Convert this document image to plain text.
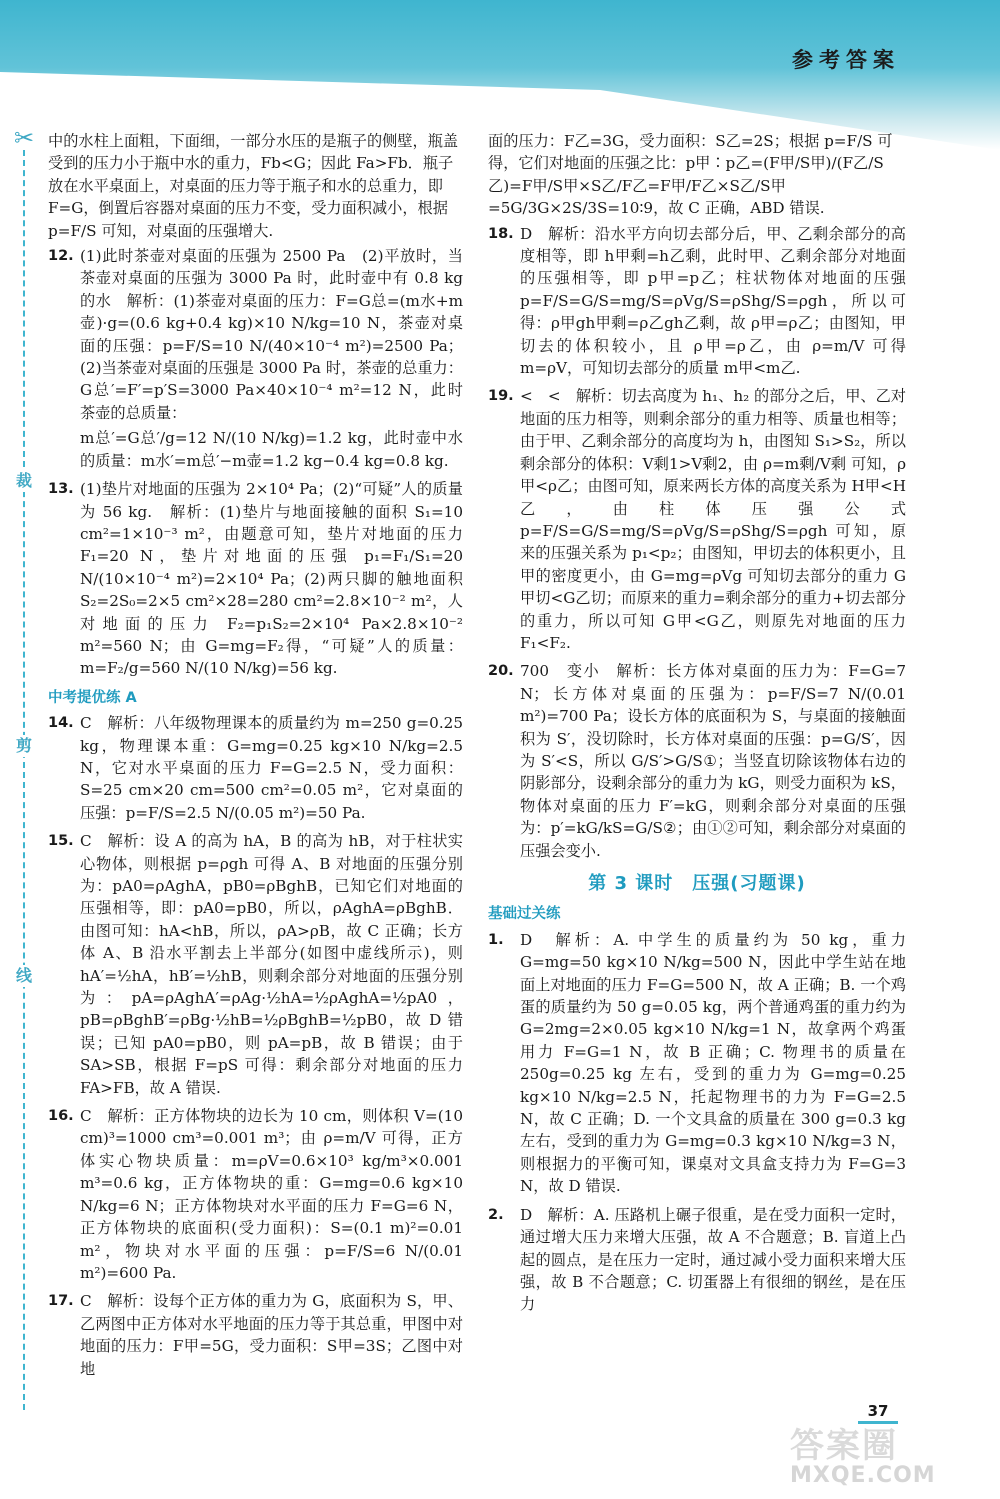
参考答案
✂
裁
剪
线
中的水柱上面粗，下面细，一部分水压的是瓶子的侧壁，瓶盖受到的压力小于瓶中水的重力，Fb<G；因此 Fa>Fb．瓶子放在水平桌面上，对桌面的压力等于瓶子和水的总重力，即 F=G，倒置后容器对桌面的压力不变，受力面积减小，根据 p=F/S 可知，对桌面的压强增大.
12. (1)此时茶壶对桌面的压强为 2500 Pa　(2)平放时，当茶壶对桌面的压强为 3000 Pa 时，此时壶中有 0.8 kg 的水　解析：(1)茶壶对桌面的压力：F=G总=(m水+m壶)·g=(0.6 kg+0.4 kg)×10 N/kg=10 N，茶壶对桌面的压强：p=F/S=10 N/(40×10⁻⁴ m²)=2500 Pa；(2)当茶壶对桌面的压强是 3000 Pa 时，茶壶的总重力：G总′=F′=p′S=3000 Pa×40×10⁻⁴ m²=12 N，此时茶壶的总质量：
m总′=G总′/g=12 N/(10 N/kg)=1.2 kg，此时壶中水的质量：m水′=m总′−m壶=1.2 kg−0.4 kg=0.8 kg.
13. (1)垫片对地面的压强为 2×10⁴ Pa；(2)“可疑”人的质量为 56 kg.　解析：(1)垫片与地面接触的面积 S₁=10 cm²=1×10⁻³ m²，由题意可知，垫片对地面的压力 F₁=20 N，垫片对地面的压强 p₁=F₁/S₁=20 N/(10×10⁻⁴ m²)=2×10⁴ Pa；(2)两只脚的触地面积 S₂=2S₀=2×5 cm²×28=280 cm²=2.8×10⁻² m²，人对地面的压力 F₂=p₁S₂=2×10⁴ Pa×2.8×10⁻² m²=560 N；由 G=mg=F₂得，“可疑”人的质量：m=F₂/g=560 N/(10 N/kg)=56 kg.
中考提优练 A
14. C　解析：八年级物理课本的质量约为 m=250 g=0.25 kg，物理课本重：G=mg=0.25 kg×10 N/kg=2.5 N，它对水平桌面的压力 F=G=2.5 N，受力面积：S=25 cm×20 cm=500 cm²=0.05 m²，它对桌面的压强：p=F/S=2.5 N/(0.05 m²)=50 Pa.
15. C　解析：设 A 的高为 hA，B 的高为 hB，对于柱状实心物体，则根据 p=ρgh 可得 A、B 对地面的压强分别为：pA0=ρAghA，pB0=ρBghB，已知它们对地面的压强相等，即：pA0=pB0，所以，ρAghA=ρBghB．由图可知：hA<hB，所以，ρA>ρB，故 C 正确；长方体 A、B 沿水平割去上半部分(如图中虚线所示)，则 hA′=½hA，hB′=½hB，则剩余部分对地面的压强分别为：pA=ρAghA′=ρAg·½hA=½ρAghA=½pA0，pB=ρBghB′=ρBg·½hB=½ρBghB=½pB0，故 D 错误；已知 pA0=pB0，则 pA=pB，故 B 错误；由于 SA>SB，根据 F=pS 可得：剩余部分对地面的压力 FA>FB，故 A 错误.
16. C　解析：正方体物块的边长为 10 cm，则体积 V=(10 cm)³=1000 cm³=0.001 m³；由 ρ=m/V 可得，正方体实心物块质量：m=ρV=0.6×10³ kg/m³×0.001 m³=0.6 kg，正方体物块的重：G=mg=0.6 kg×10 N/kg=6 N；正方体物块对水平面的压力 F=G=6 N，正方体物块的底面积(受力面积)：S=(0.1 m)²=0.01 m²，物块对水平面的压强：p=F/S=6 N/(0.01 m²)=600 Pa.
17. C　解析：设每个正方体的重力为 G，底面积为 S，甲、乙两图中正方体对水平地面的压力等于其总重，甲图中对地面的压力：F甲=5G，受力面积：S甲=3S；乙图中对地
面的压力：F乙=3G，受力面积：S乙=2S；根据 p=F/S 可得，它们对地面的压强之比：p甲∶p乙=(F甲/S甲)/(F乙/S乙)=F甲/S甲×S乙/F乙=F甲/F乙×S乙/S甲=5G/3G×2S/3S=10∶9，故 C 正确，ABD 错误.
18. D　解析：沿水平方向切去部分后，甲、乙剩余部分的高度相等，即 h甲剩=h乙剩，此时甲、乙剩余部分对地面的压强相等，即 p甲=p乙；柱状物体对地面的压强 p=F/S=G/S=mg/S=ρVg/S=ρShg/S=ρgh，所以可得：ρ甲gh甲剩=ρ乙gh乙剩，故 ρ甲=ρ乙；由图知，甲切去的体积较小，且 ρ甲=ρ乙，由 ρ=m/V 可得 m=ρV，可知切去部分的质量 m甲<m乙.
19. <　<　解析：切去高度为 h₁、h₂ 的部分之后，甲、乙对地面的压力相等，则剩余部分的重力相等、质量也相等；由于甲、乙剩余部分的高度均为 h，由图知 S₁>S₂，所以剩余部分的体积：V剩1>V剩2，由 ρ=m剩/V剩 可知，ρ甲<ρ乙；由图可知，原来两长方体的高度关系为 H甲<H乙，由柱体压强公式 p=F/S=G/S=mg/S=ρVg/S=ρShg/S=ρgh 可知，原来的压强关系为 p₁<p₂；由图知，甲切去的体积更小，且甲的密度更小，由 G=mg=ρVg 可知切去部分的重力 G甲切<G乙切；而原来的重力=剩余部分的重力+切去部分的重力，所以可知 G甲<G乙，则原先对地面的压力 F₁<F₂.
20. 700　变小　解析：长方体对桌面的压力为：F=G=7 N；长方体对桌面的压强为：p=F/S=7 N/(0.01 m²)=700 Pa；设长方体的底面积为 S，与桌面的接触面积为 S′，没切除时，长方体对桌面的压强：p=G/S′，因为 S′<S，所以 G/S′>G/S①；当竖直切除该物体右边的阴影部分，设剩余部分的重力为 kG，则受力面积为 kS，物体对桌面的压力 F′=kG，则剩余部分对桌面的压强为：p′=kG/kS=G/S②；由①②可知，剩余部分对桌面的压强会变小.
第 3 课时　压强(习题课)
基础过关练
1.	D　解析：A. 中学生的质量约为 50 kg，重力 G=mg=50 kg×10 N/kg=500 N，因此中学生站在地面上对地面的压力 F=G=500 N，故 A 正确；B. 一个鸡蛋的质量约为 50 g=0.05 kg，两个普通鸡蛋的重力约为 G=2mg=2×0.05 kg×10 N/kg=1 N，故拿两个鸡蛋用力 F=G=1 N，故 B 正确；C. 物理书的质量在 250g=0.25 kg 左右，受到的重力为 G=mg=0.25 kg×10 N/kg=2.5 N，托起物理书的力为 F=G=2.5 N，故 C 正确；D. 一个文具盒的质量在 300 g=0.3 kg 左右，受到的重力为 G=mg=0.3 kg×10 N/kg=3 N，则根据力的平衡可知，课桌对文具盒支持力为 F=G=3 N，故 D 错误.
2.	D　解析：A. 压路机上碾子很重，是在受力面积一定时，通过增大压力来增大压强，故 A 不合题意；B. 盲道上凸起的圆点，是在压力一定时，通过减小受力面积来增大压强，故 B 不合题意；C. 切蛋器上有很细的钢丝，是在压力
37
答案圈
MXQE.COM
